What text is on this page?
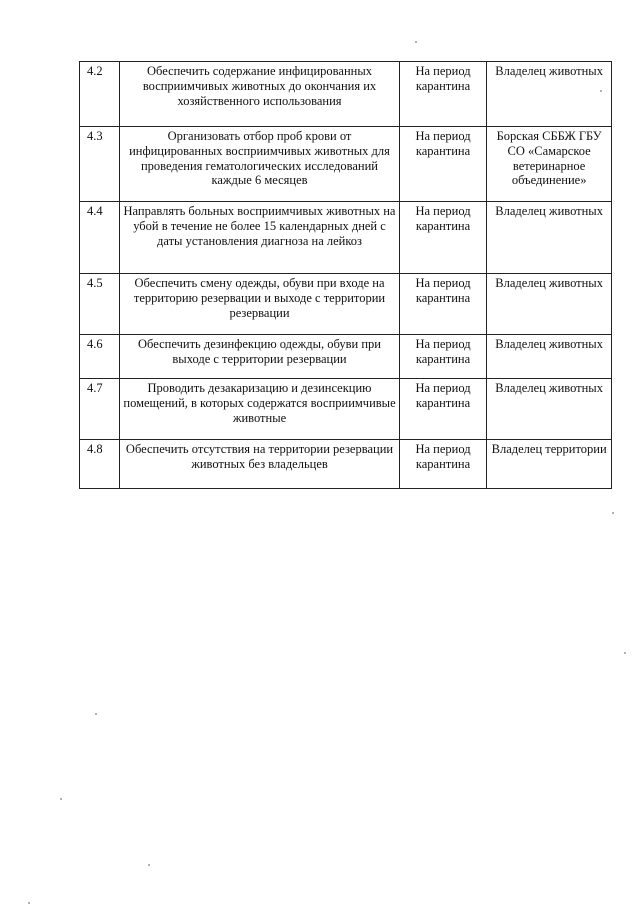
4.2	Обеспечить содержание инфицированных восприимчивых животных до окончания их хозяйственного использования	На период карантина	Владелец животных
4.3	Организовать отбор проб крови от инфицированных восприимчивых животных для проведения гематологических исследований каждые 6 месяцев	На период карантина	Борская СББЖ ГБУ СО «Самарское ветеринарное объединение»
4.4	Направлять больных восприимчивых животных на убой в течение не более 15 календарных дней с даты установления диагноза на лейкоз	На период карантина	Владелец животных
4.5	Обеспечить смену одежды, обуви при входе на территорию резервации и выходе с территории резервации	На период карантина	Владелец животных
4.6	Обеспечить дезинфекцию одежды, обуви при выходе с территории резервации	На период карантина	Владелец животных
4.7	Проводить дезакаризацию и дезинсекцию помещений, в которых содержатся восприимчивые животные	На период карантина	Владелец животных
4.8	Обеспечить отсутствия на территории резервации животных без владельцев	На период карантина	Владелец территории
